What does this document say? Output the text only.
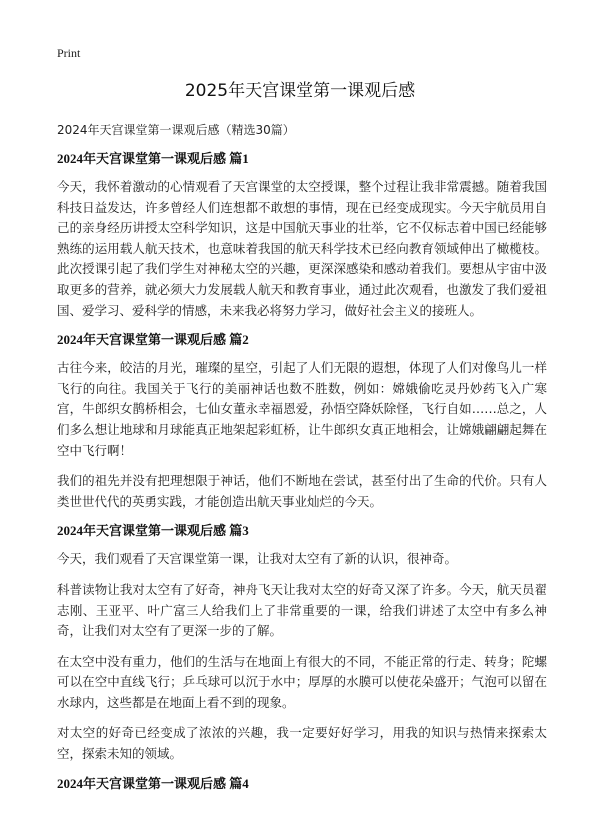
Print
2025年天宫课堂第一课观后感

2024年天宫课堂第一课观后感（精选30篇）

2024年天宫课堂第一课观后感 篇1

今天，我怀着激动的心情观看了天宫课堂的太空授课，整个过程让我非常震撼。随着我国科技日益发达，许多曾经人们连想都不敢想的事情，现在已经变成现实。今天宇航员用自己的亲身经历讲授太空科学知识，这是中国航天事业的壮举，它不仅标志着中国已经能够熟练的运用载人航天技术，也意味着我国的航天科学技术已经向教育领域伸出了橄榄枝。此次授课引起了我们学生对神秘太空的兴趣，更深深感染和感动着我们。要想从宇宙中汲取更多的营养，就必须大力发展载人航天和教育事业，通过此次观看，也激发了我们爱祖国、爱学习、爱科学的情感，未来我必将努力学习，做好社会主义的接班人。

2024年天宫课堂第一课观后感 篇2

古往今来，皎洁的月光，璀璨的星空，引起了人们无限的遐想，体现了人们对像鸟儿一样飞行的向往。我国关于飞行的美丽神话也数不胜数，例如：嫦娥偷吃灵丹妙药飞入广寒宫，牛郎织女鹊桥相会，七仙女董永幸福恩爱，孙悟空降妖除怪，飞行自如……总之，人们多么想让地球和月球能真正地架起彩虹桥，让牛郎织女真正地相会，让嫦娥翩翩起舞在空中飞行啊！

我们的祖先并没有把理想限于神话，他们不断地在尝试，甚至付出了生命的代价。只有人类世世代代的英勇实践，才能创造出航天事业灿烂的今天。

2024年天宫课堂第一课观后感 篇3

今天，我们观看了天宫课堂第一课，让我对太空有了新的认识，很神奇。

科普读物让我对太空有了好奇，神舟飞天让我对太空的好奇又深了许多。今天，航天员翟志刚、王亚平、叶广富三人给我们上了非常重要的一课，给我们讲述了太空中有多么神奇，让我们对太空有了更深一步的了解。

在太空中没有重力，他们的生活与在地面上有很大的不同，不能正常的行走、转身；陀螺可以在空中直线飞行；乒乓球可以沉于水中；厚厚的水膜可以使花朵盛开；气泡可以留在水球内，这些都是在地面上看不到的现象。

对太空的好奇已经变成了浓浓的兴趣，我一定要好好学习，用我的知识与热情来探索太空，探索未知的领域。

2024年天宫课堂第一课观后感 篇4
